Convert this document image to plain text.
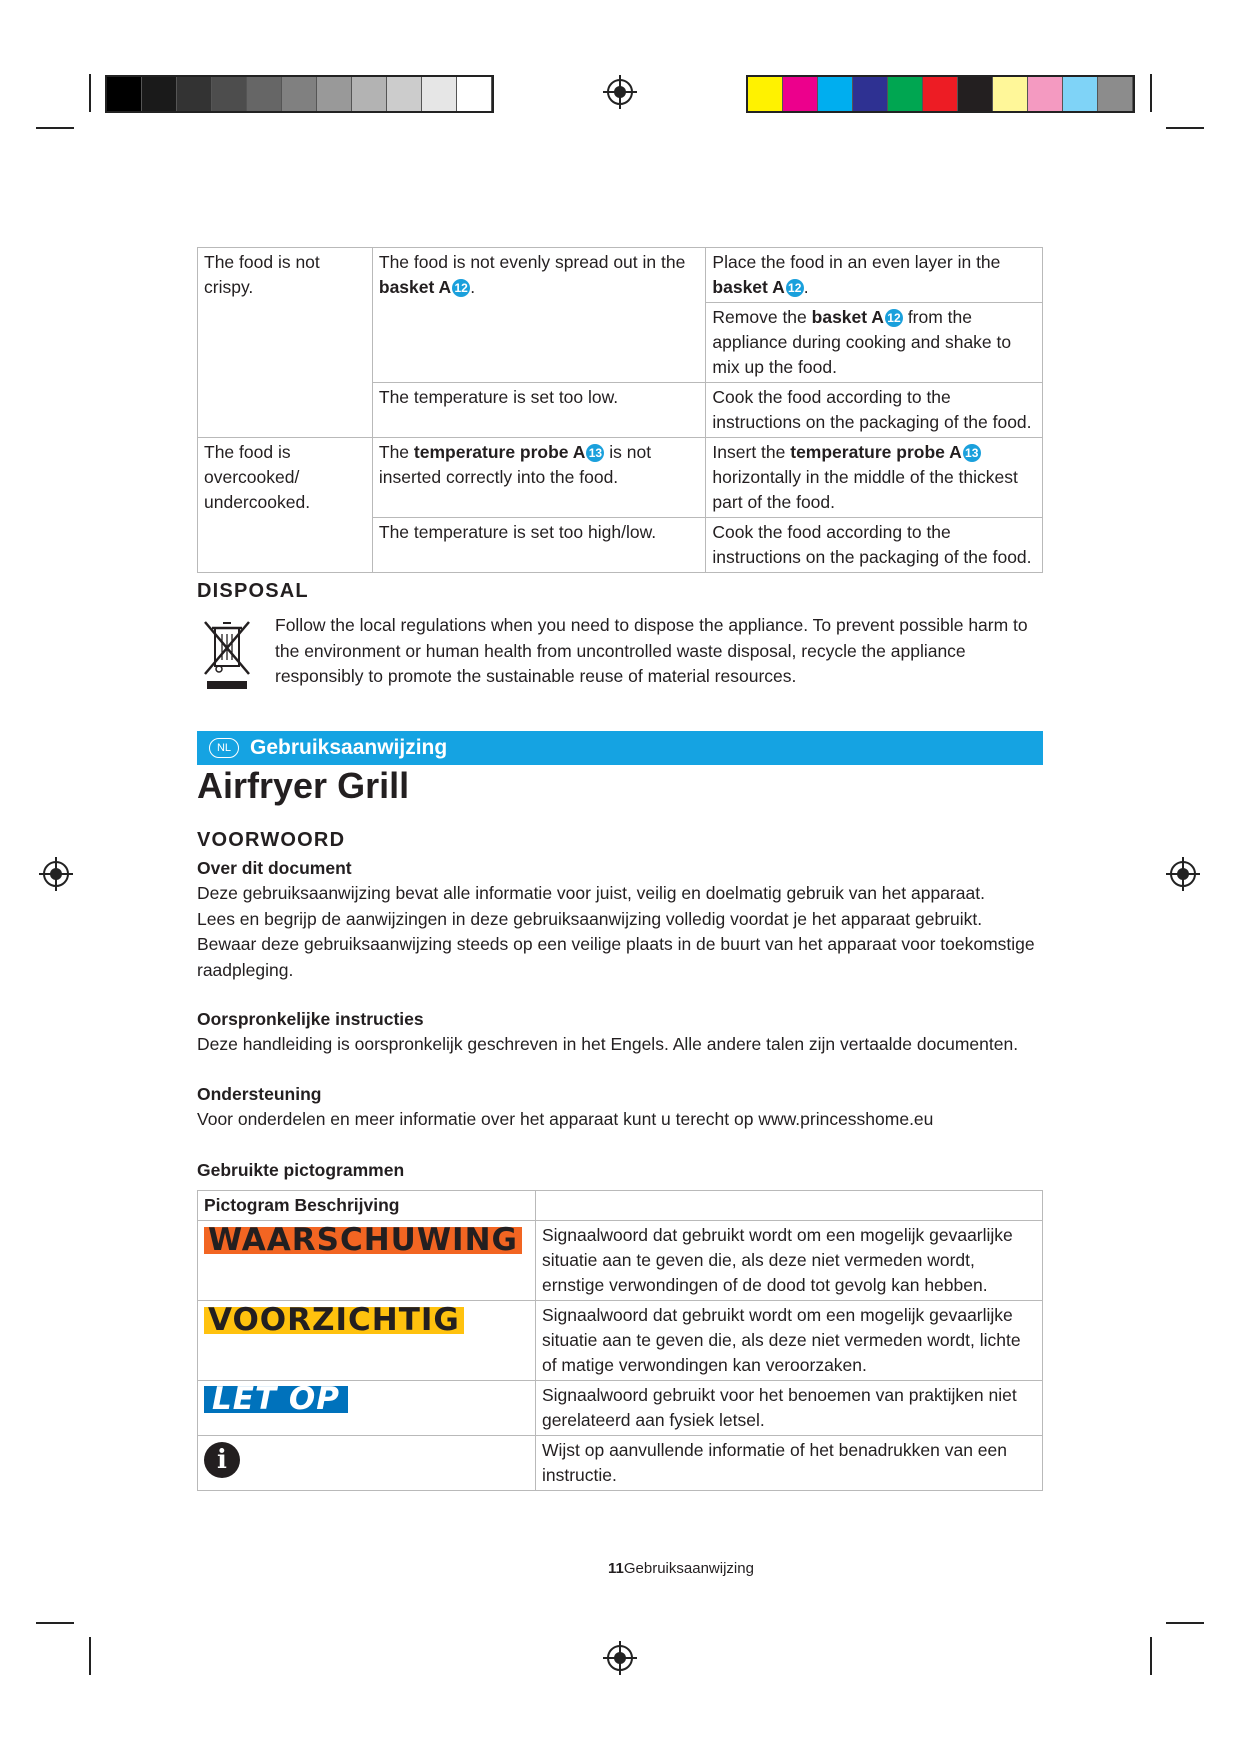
The food is not crispy.	The food is not evenly spread out in the basket A 12 .	Place the food in an even layer in the basket A 12 .
		Remove the basket A 12 from the appliance during cooking and shake to mix up the food.
	The temperature is set too low.	Cook the food according to the instructions on the packaging of the food.
The food is overcooked/ undercooked.	The temperature probe A 13 is not inserted correctly into the food.	Insert the temperature probe A 13 horizontally in the middle of the thickest part of the food.
	The temperature is set too high/low.	Cook the food according to the instructions on the packaging of the food.
DISPOSAL
Follow the local regulations when you need to dispose the appliance. To prevent possible harm to the environment or human health from uncontrolled waste disposal, recycle the appliance responsibly to promote the sustainable reuse of material resources.
NL Gebruiksaanwijzing
Airfryer Grill
VOORWOORD
Over dit document
Deze gebruiksaanwijzing bevat alle informatie voor juist, veilig en doelmatig gebruik van het apparaat.
Lees en begrijp de aanwijzingen in deze gebruiksaanwijzing volledig voordat je het apparaat gebruikt.
Bewaar deze gebruiksaanwijzing steeds op een veilige plaats in de buurt van het apparaat voor toekomstige raadpleging.
Oorspronkelijke instructies
Deze handleiding is oorspronkelijk geschreven in het Engels. Alle andere talen zijn vertaalde documenten.
Ondersteuning
Voor onderdelen en meer informatie over het apparaat kunt u terecht op www.princesshome.eu
Gebruikte pictogrammen
Pictogram Beschrijving	
WAARSCHUWING	Signaalwoord dat gebruikt wordt om een mogelijk gevaarlijke situatie aan te geven die, als deze niet vermeden wordt, ernstige verwondingen of de dood tot gevolg kan hebben.
VOORZICHTIG	Signaalwoord dat gebruikt wordt om een mogelijk gevaarlijke situatie aan te geven die, als deze niet vermeden wordt, lichte of matige verwondingen kan veroorzaken.
LET OP	Signaalwoord gebruikt voor het benoemen van praktijken niet gerelateerd aan fysiek letsel.
i	Wijst op aanvullende informatie of het benadrukken van een instructie.
11Gebruiksaanwijzing
